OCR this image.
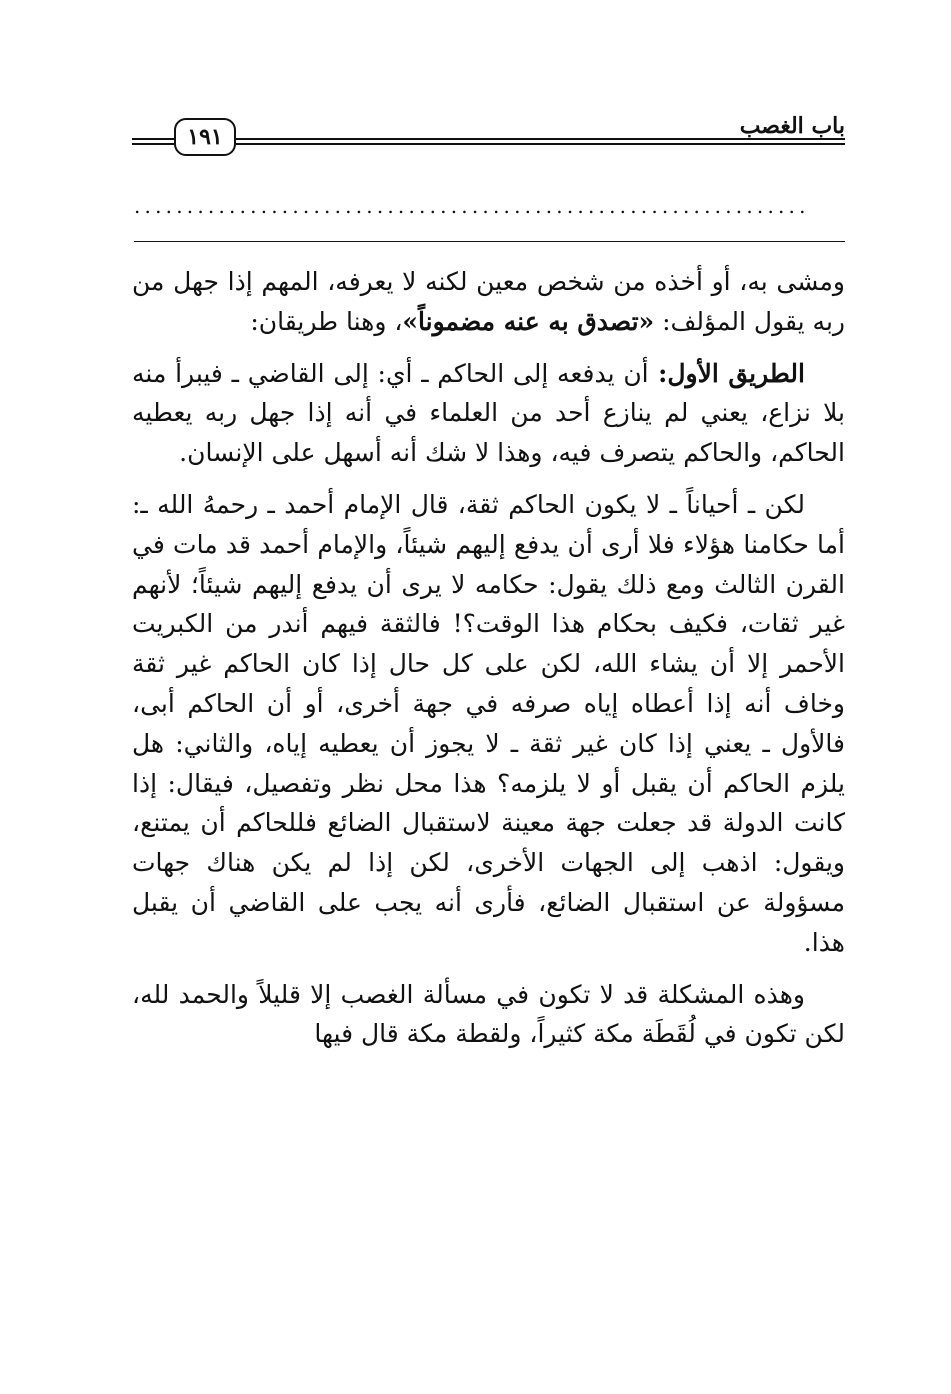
١٩١	باب الغصب
................................................................

ومشى به، أو أخذه من شخص معين لكنه لا يعرفه، المهم إذا جهل من ربه يقول المؤلف: «تصدق به عنه مضموناً»، وهنا طريقان:

الطريق الأول: أن يدفعه إلى الحاكم ـ أي: إلى القاضي ـ فيبرأ منه بلا نزاع، يعني لم ينازع أحد من العلماء في أنه إذا جهل ربه يعطيه الحاكم، والحاكم يتصرف فيه، وهذا لا شك أنه أسهل على الإنسان.

لكن ـ أحياناً ـ لا يكون الحاكم ثقة، قال الإمام أحمد ـ رحمهُ الله ـ: أما حكامنا هؤلاء فلا أرى أن يدفع إليهم شيئاً، والإمام أحمد قد مات في القرن الثالث ومع ذلك يقول: حكامه لا يرى أن يدفع إليهم شيئاً؛ لأنهم غير ثقات، فكيف بحكام هذا الوقت؟! فالثقة فيهم أندر من الكبريت الأحمر إلا أن يشاء الله، لكن على كل حال إذا كان الحاكم غير ثقة وخاف أنه إذا أعطاه إياه صرفه في جهة أخرى، أو أن الحاكم أبى، فالأول ـ يعني إذا كان غير ثقة ـ لا يجوز أن يعطيه إياه، والثاني: هل يلزم الحاكم أن يقبل أو لا يلزمه؟ هذا محل نظر وتفصيل، فيقال: إذا كانت الدولة قد جعلت جهة معينة لاستقبال الضائع فللحاكم أن يمتنع، ويقول: اذهب إلى الجهات الأخرى، لكن إذا لم يكن هناك جهات مسؤولة عن استقبال الضائع، فأرى أنه يجب على القاضي أن يقبل هذا.

وهذه المشكلة قد لا تكون في مسألة الغصب إلا قليلاً والحمد لله، لكن تكون في لُقَطَة مكة كثيراً، ولقطة مكة قال فيها
